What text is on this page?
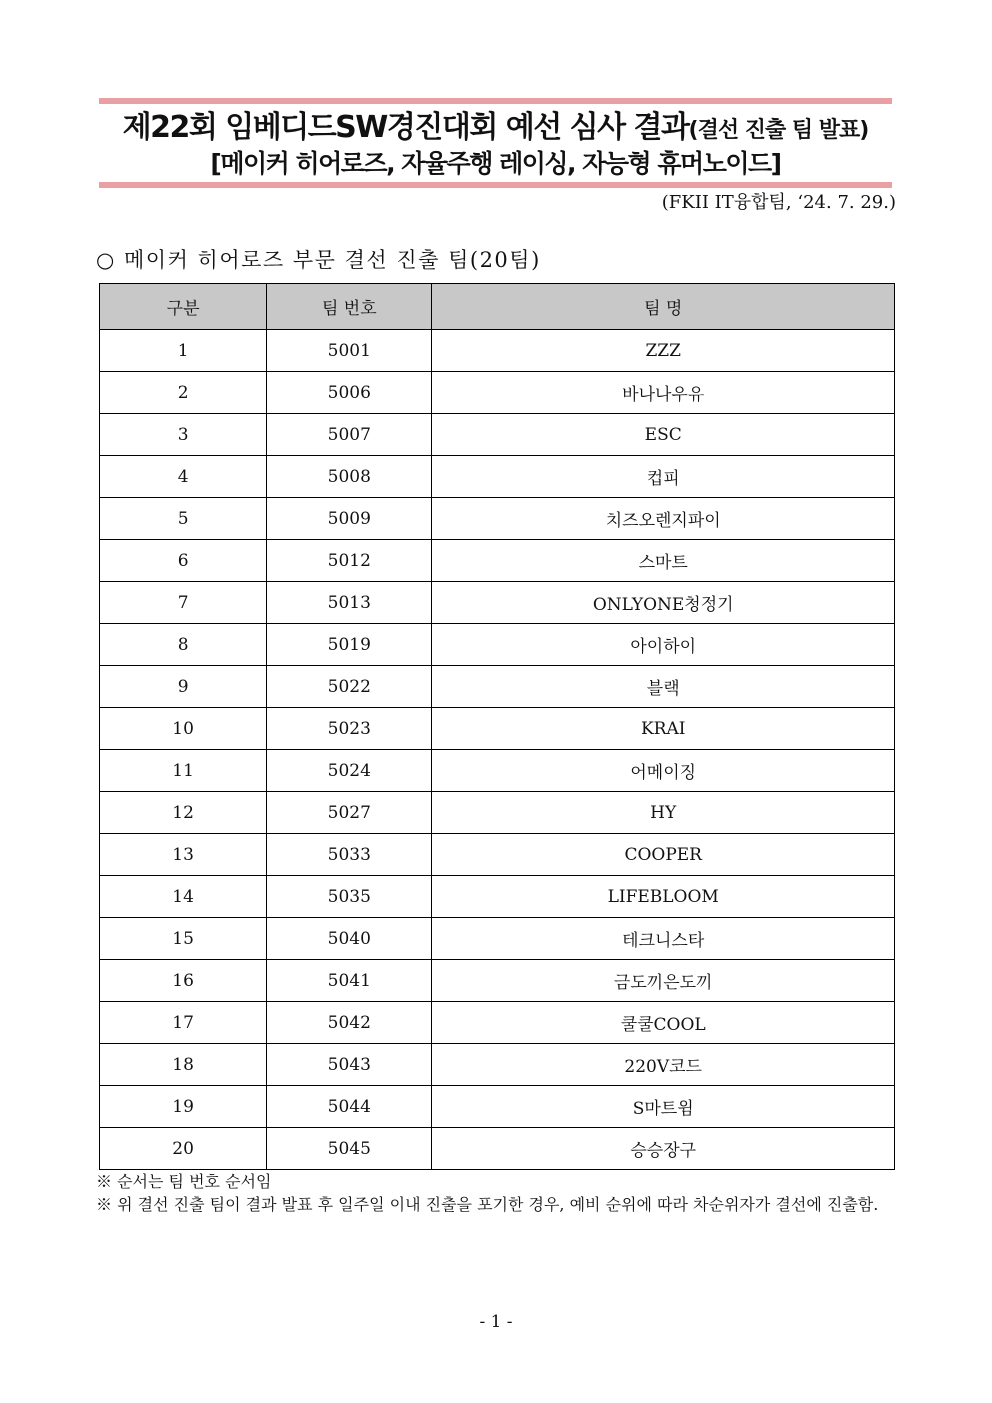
제22회 임베디드SW경진대회 예선 심사 결과(결선 진출 팀 발표)
[메이커 히어로즈, 자율주행 레이싱, 자능형 휴머노이드]
(FKII IT융합팀, ‘24. 7. 29.)
○ 메이커 히어로즈 부문 결선 진출 팀(20팀)
구분	팀 번호	팀 명
1	5001	ZZZ
2	5006	바나나우유
3	5007	ESC
4	5008	컵피
5	5009	치즈오렌지파이
6	5012	스마트
7	5013	ONLYONE청정기
8	5019	아이하이
9	5022	블랙
10	5023	KRAI
11	5024	어메이징
12	5027	HY
13	5033	COOPER
14	5035	LIFEBLOOM
15	5040	테크니스타
16	5041	금도끼은도끼
17	5042	쿨쿨COOL
18	5043	220V코드
19	5044	S마트윔
20	5045	승승장구
※ 순서는 팀 번호 순서임
※ 위 결선 진출 팀이 결과 발표 후 일주일 이내 진출을 포기한 경우, 예비 순위에 따라 차순위자가 결선에 진출함.
- 1 -
